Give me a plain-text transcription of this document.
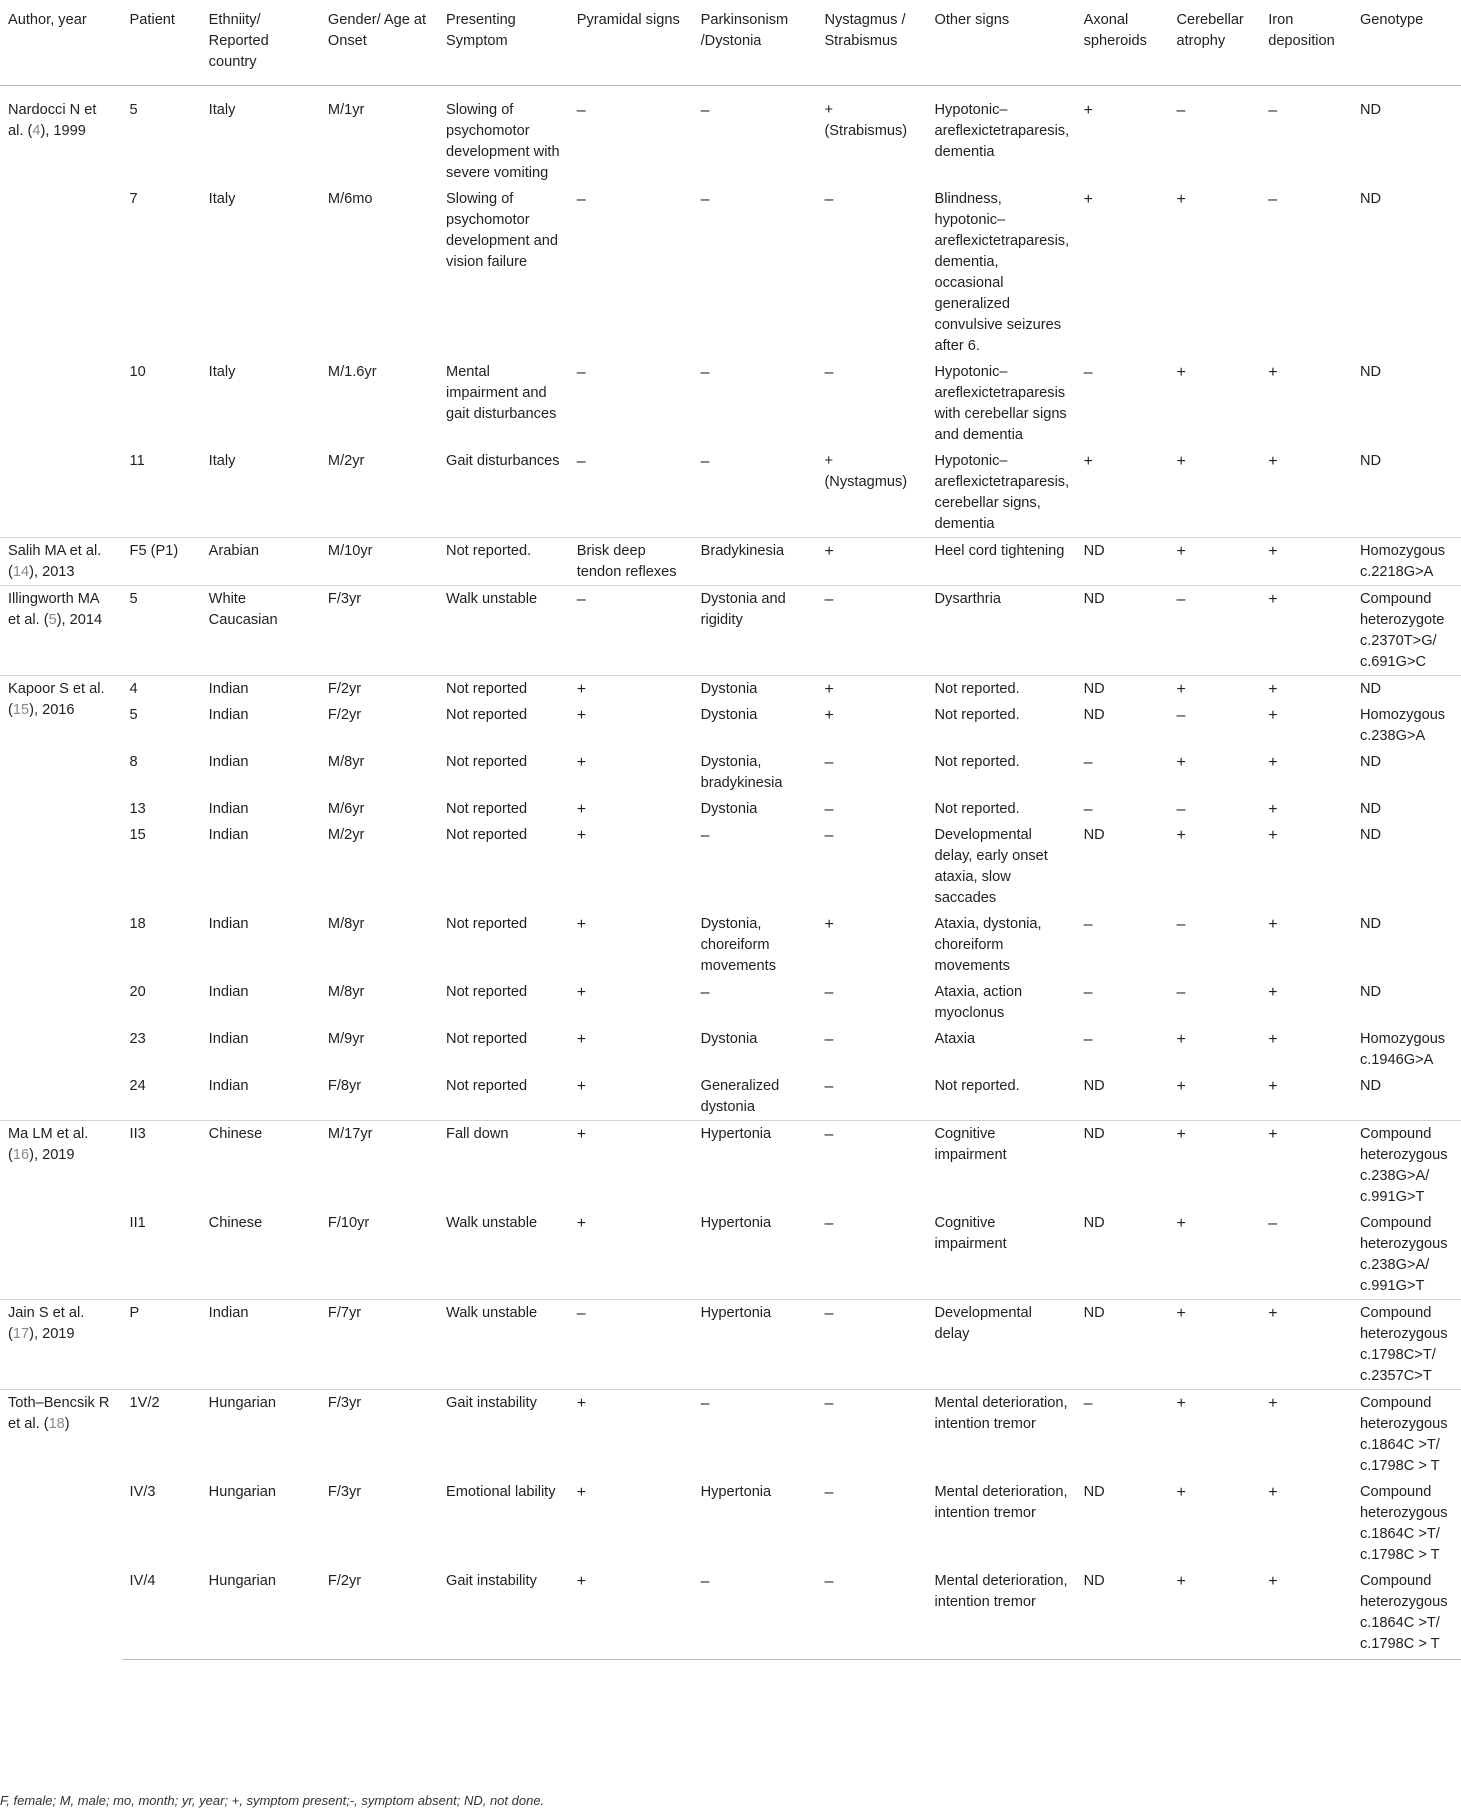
Author, year	Patient	Ethniity/ Reported country	Gender/ Age at Onset	Presenting Symptom	Pyramidal signs	Parkinsonism /Dystonia	Nystagmus / Strabismus	Other signs	Axonal spheroids	Cerebellar atrophy	Iron deposition	Genotype
Nardocci N et al. (4), 1999	5	Italy	M/1yr	Slowing of psychomotor development with severe vomiting	–	–	+ (Strabismus)	Hypotonic–areflexictetraparesis, dementia	+	–	–	ND
	7	Italy	M/6mo	Slowing of psychomotor development and vision failure	–	–	–	Blindness, hypotonic–areflexictetraparesis, dementia, occasional generalized convulsive seizures after 6.	+	+	–	ND
	10	Italy	M/1.6yr	Mental impairment and gait disturbances	–	–	–	Hypotonic–areflexictetraparesis with cerebellar signs and dementia	–	+	+	ND
	11	Italy	M/2yr	Gait disturbances	–	–	+ (Nystagmus)	Hypotonic–areflexictetraparesis, cerebellar signs, dementia	+	+	+	ND
Salih MA et al. (14), 2013	F5 (P1)	Arabian	M/10yr	Not reported.	Brisk deep tendon reflexes	Bradykinesia	+	Heel cord tightening	ND	+	+	Homozygous c.2218G>A
Illingworth MA et al. (5), 2014	5	White Caucasian	F/3yr	Walk unstable	–	Dystonia and rigidity	–	Dysarthria	ND	–	+	Compound heterozygote c.2370T>G/ c.691G>C
Kapoor S et al. (15), 2016	4	Indian	F/2yr	Not reported	+	Dystonia	+	Not reported.	ND	+	+	ND
	5	Indian	F/2yr	Not reported	+	Dystonia	+	Not reported.	ND	–	+	Homozygous c.238G>A
	8	Indian	M/8yr	Not reported	+	Dystonia, bradykinesia	–	Not reported.	–	+	+	ND
	13	Indian	M/6yr	Not reported	+	Dystonia	–	Not reported.	–	–	+	ND
	15	Indian	M/2yr	Not reported	+	–	–	Developmental delay, early onset ataxia, slow saccades	ND	+	+	ND
	18	Indian	M/8yr	Not reported	+	Dystonia, choreiform movements	+	Ataxia, dystonia, choreiform movements	–	–	+	ND
	20	Indian	M/8yr	Not reported	+	–	–	Ataxia, action myoclonus	–	–	+	ND
	23	Indian	M/9yr	Not reported	+	Dystonia	–	Ataxia	–	+	+	Homozygous c.1946G>A
	24	Indian	F/8yr	Not reported	+	Generalized dystonia	–	Not reported.	ND	+	+	ND
Ma LM et al. (16), 2019	II3	Chinese	M/17yr	Fall down	+	Hypertonia	–	Cognitive impairment	ND	+	+	Compound heterozygous c.238G>A/ c.991G>T
	II1	Chinese	F/10yr	Walk unstable	+	Hypertonia	–	Cognitive impairment	ND	+	–	Compound heterozygous c.238G>A/ c.991G>T
Jain S et al. (17), 2019	P	Indian	F/7yr	Walk unstable	–	Hypertonia	–	Developmental delay	ND	+	+	Compound heterozygous c.1798C>T/ c.2357C>T
Toth–Bencsik R et al. (18)	1V/2	Hungarian	F/3yr	Gait instability	+	–	–	Mental deterioration, intention tremor	–	+	+	Compound heterozygous c.1864C >T/ c.1798C > T
	IV/3	Hungarian	F/3yr	Emotional lability	+	Hypertonia	–	Mental deterioration, intention tremor	ND	+	+	Compound heterozygous c.1864C >T/ c.1798C > T
	IV/4	Hungarian	F/2yr	Gait instability	+	–	–	Mental deterioration, intention tremor	ND	+	+	Compound heterozygous c.1864C >T/ c.1798C > T
F, female; M, male; mo, month; yr, year; +, symptom present;-, symptom absent; ND, not done.
